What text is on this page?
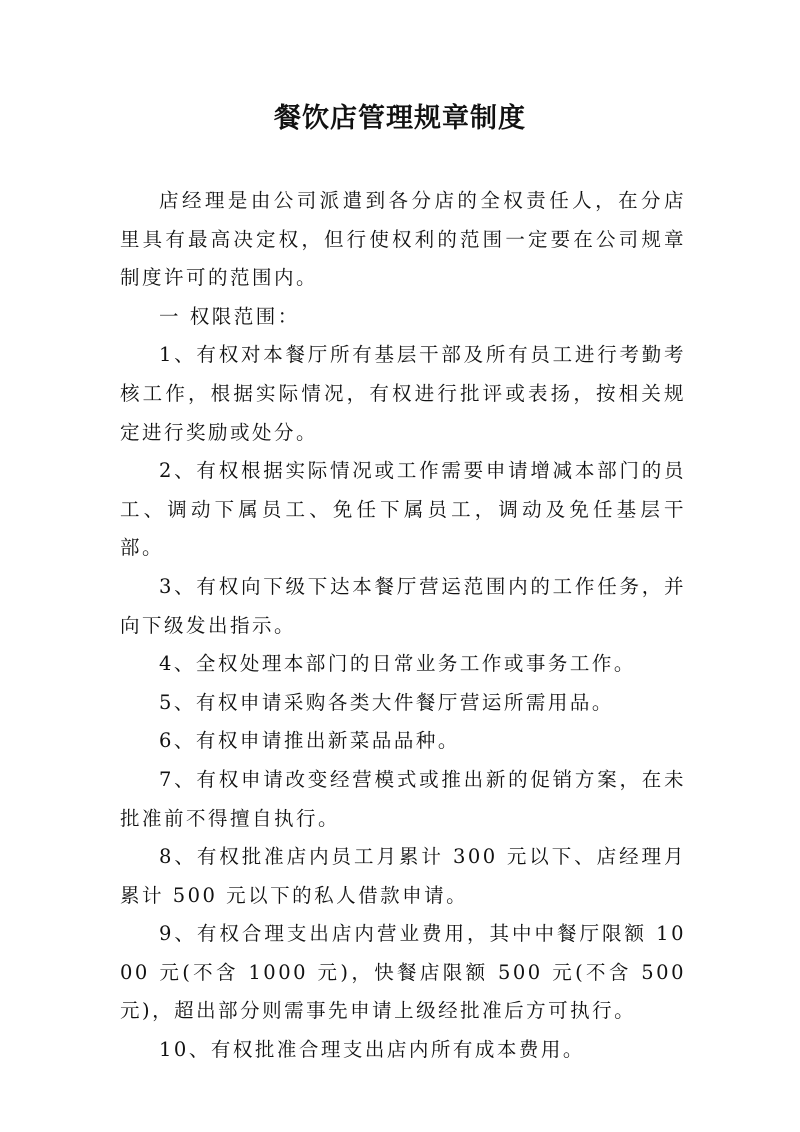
餐饮店管理规章制度

店经理是由公司派遣到各分店的全权责任人，在分店里具有最高决定权，但行使权利的范围一定要在公司规章制度许可的范围内。

一 权限范围：

1、有权对本餐厅所有基层干部及所有员工进行考勤考核工作，根据实际情况，有权进行批评或表扬，按相关规定进行奖励或处分。

2、有权根据实际情况或工作需要申请增减本部门的员工、调动下属员工、免任下属员工，调动及免任基层干部。

3、有权向下级下达本餐厅营运范围内的工作任务，并向下级发出指示。

4、全权处理本部门的日常业务工作或事务工作。

5、有权申请采购各类大件餐厅营运所需用品。

6、有权申请推出新菜品品种。

7、有权申请改变经营模式或推出新的促销方案，在未批准前不得擅自执行。

8、有权批准店内员工月累计 300 元以下、店经理月累计 500 元以下的私人借款申请。

9、有权合理支出店内营业费用，其中中餐厅限额 1000 元(不含 1000 元)，快餐店限额 500 元(不含 500 元)，超出部分则需事先申请上级经批准后方可执行。

10、有权批准合理支出店内所有成本费用。
